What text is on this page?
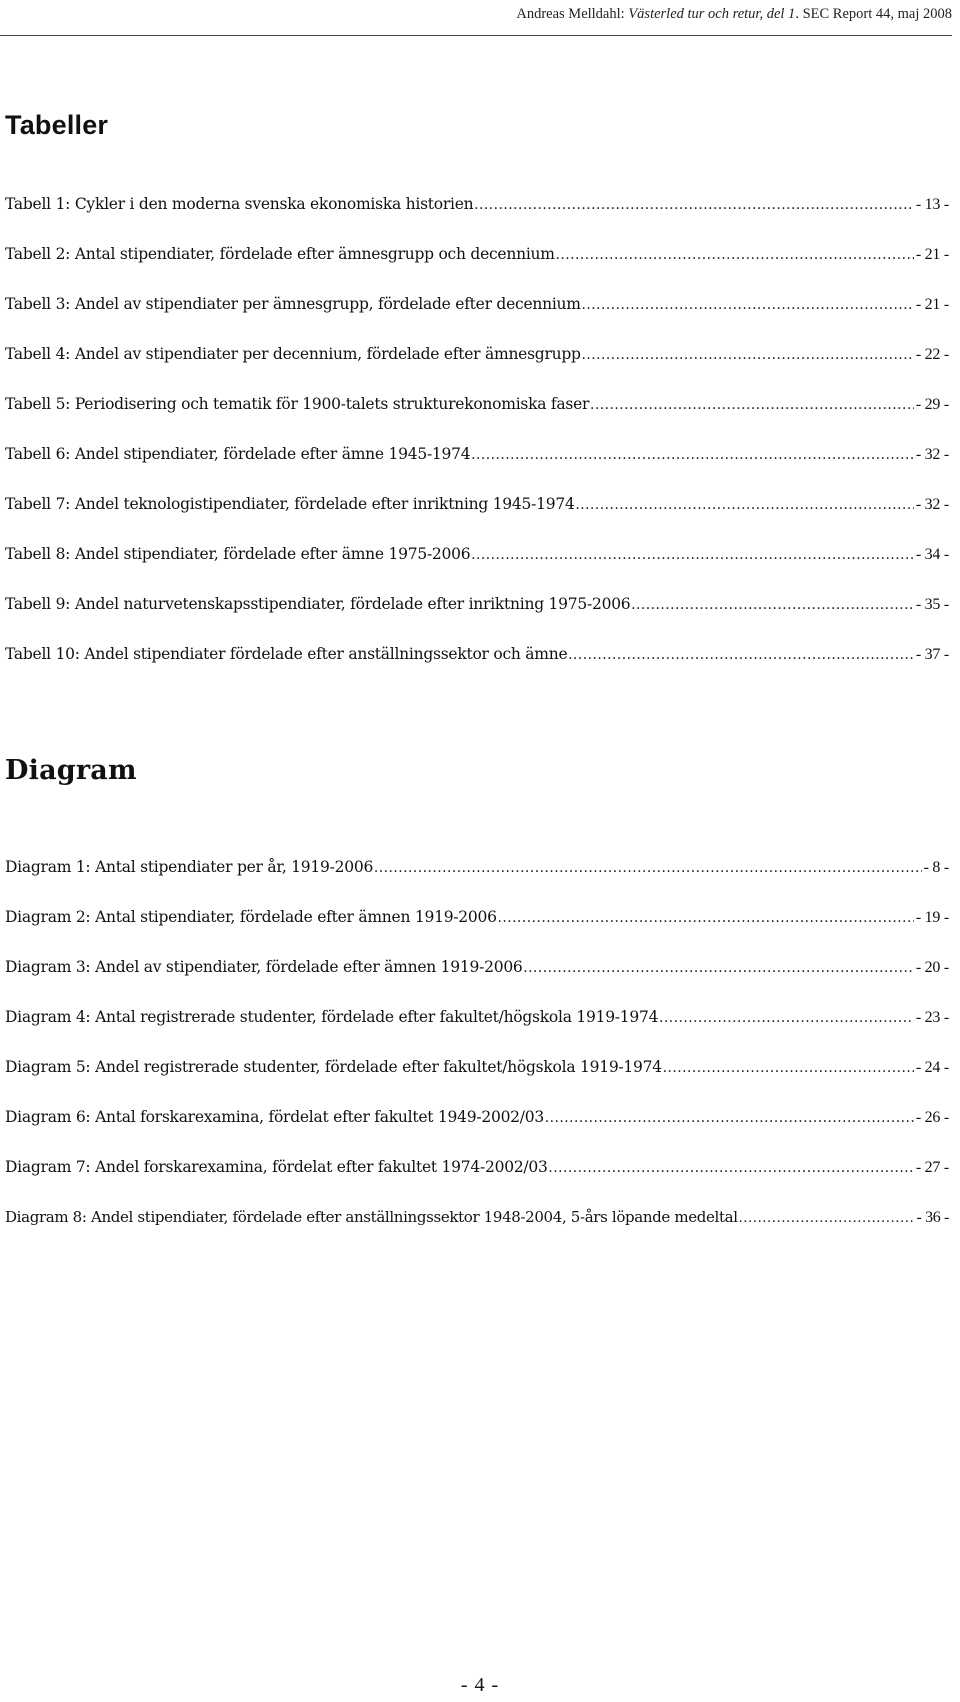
Andreas Melldahl: Västerled tur och retur, del 1. SEC Report 44, maj 2008
Tabeller
Tabell 1: Cykler i den moderna svenska ekonomiska historien .....	- 13 -
Tabell 2: Antal stipendiater, fördelade efter ämnesgrupp och decennium .....	- 21 -
Tabell 3: Andel av stipendiater per ämnesgrupp, fördelade efter decennium .....	- 21 -
Tabell 4: Andel av stipendiater per decennium, fördelade efter ämnesgrupp .....	- 22 -
Tabell 5: Periodisering och tematik för 1900-talets strukturekonomiska faser .....	- 29 -
Tabell 6: Andel stipendiater, fördelade efter ämne 1945-1974 .....	- 32 -
Tabell 7: Andel teknologistipendiater, fördelade efter inriktning 1945-1974 .....	- 32 -
Tabell 8: Andel stipendiater, fördelade efter ämne 1975-2006 .....	- 34 -
Tabell 9: Andel naturvetenskapsstipendiater, fördelade efter inriktning 1975-2006 .....	- 35 -
Tabell 10: Andel stipendiater fördelade efter anställningssektor och ämne .....	- 37 -
Diagram
Diagram 1: Antal stipendiater per år, 1919-2006 .....	- 8 -
Diagram 2: Antal stipendiater, fördelade efter ämnen 1919-2006 .....	- 19 -
Diagram 3: Andel av stipendiater, fördelade efter ämnen 1919-2006 .....	- 20 -
Diagram 4: Antal registrerade studenter, fördelade efter fakultet/högskola 1919-1974 .....	- 23 -
Diagram 5: Andel registrerade studenter, fördelade efter fakultet/högskola 1919-1974 .....	- 24 -
Diagram 6: Antal forskarexamina, fördelat efter fakultet 1949-2002/03 .....	- 26 -
Diagram 7: Andel forskarexamina, fördelat efter fakultet 1974-2002/03 .....	- 27 -
Diagram 8: Andel stipendiater, fördelade efter anställningssektor 1948-2004, 5-års löpande medeltal .....	- 36 -
- 4 -
